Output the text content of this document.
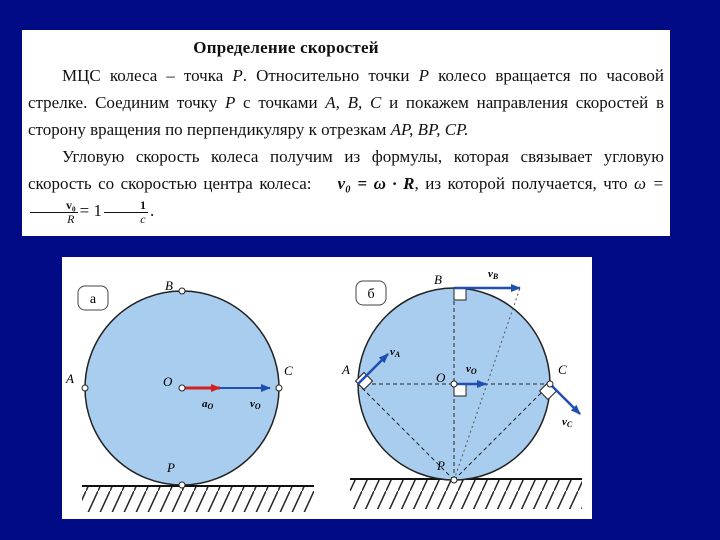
Определение скоростей

МЦС колеса – точка P. Относительно точки P колесо вращается по часовой стрелке. Соединим точку P с точками A, B, C и покажем направления скоростей в сторону вращения по перпендикуляру к отрезкам AP, BP, CP.

Угловую скорость колеса получим из формулы, которая связывает угловую скорость со скоростью центра колеса: v₀ = ω · R, из которой получается, что ω =
$\frac{\text{v₀}}{R} = 1 \frac{1}{c}$ .

а
B
A
C
O
P
aO	vO
б
B
A	C
O
P
vB
vA
vO
vC
